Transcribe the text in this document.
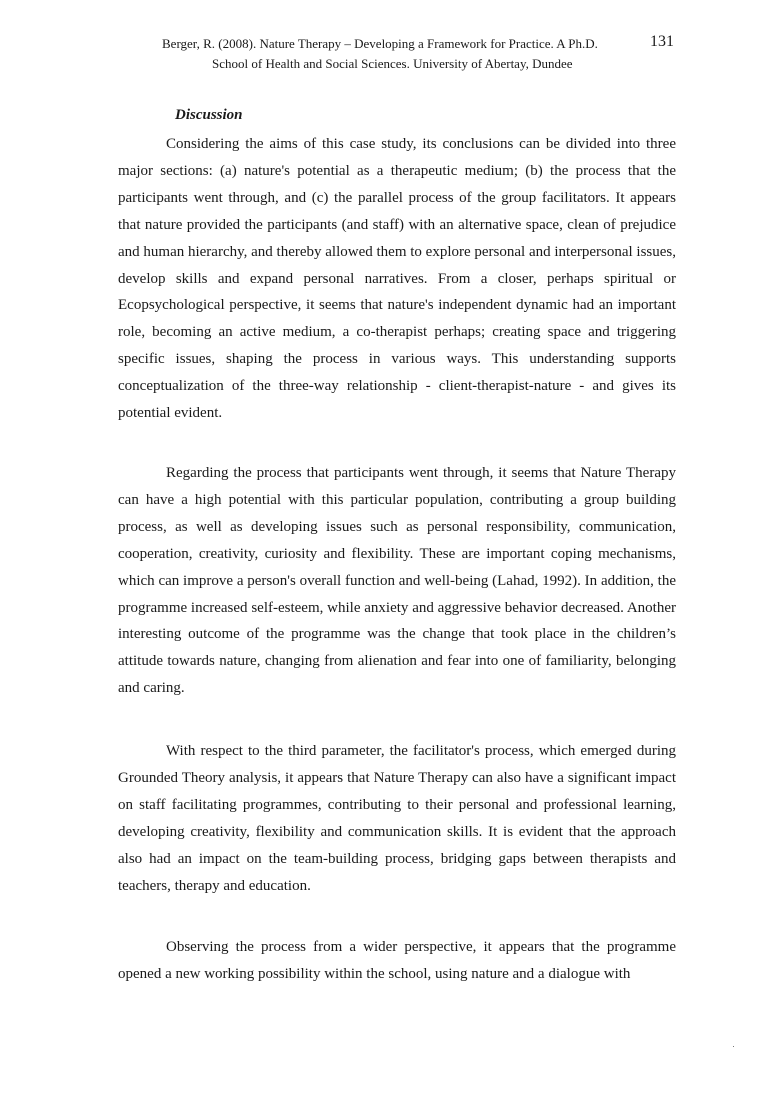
Berger, R. (2008). Nature Therapy – Developing a Framework for Practice. A Ph.D.	131
School of Health and Social Sciences. University of Abertay, Dundee
Discussion

Considering the aims of this case study, its conclusions can be divided into three major sections: (a) nature's potential as a therapeutic medium; (b) the process that the participants went through, and (c) the parallel process of the group facilitators. It appears that nature provided the participants (and staff) with an alternative space, clean of prejudice and human hierarchy, and thereby allowed them to explore personal and interpersonal issues, develop skills and expand personal narratives. From a closer, perhaps spiritual or Ecopsychological perspective, it seems that nature's independent dynamic had an important role, becoming an active medium, a co-therapist perhaps; creating space and triggering specific issues, shaping the process in various ways. This understanding supports conceptualization of the three-way relationship - client-therapist-nature - and gives its potential evident.

Regarding the process that participants went through, it seems that Nature Therapy can have a high potential with this particular population, contributing a group building process, as well as developing issues such as personal responsibility, communication, cooperation, creativity, curiosity and flexibility. These are important coping mechanisms, which can improve a person's overall function and well-being (Lahad, 1992). In addition, the programme increased self-esteem, while anxiety and aggressive behavior decreased. Another interesting outcome of the programme was the change that took place in the children’s attitude towards nature, changing from alienation and fear into one of familiarity, belonging and caring.

With respect to the third parameter, the facilitator's process, which emerged during Grounded Theory analysis, it appears that Nature Therapy can also have a significant impact on staff facilitating programmes, contributing to their personal and professional learning, developing creativity, flexibility and communication skills. It is evident that the approach also had an impact on the team-building process, bridging gaps between therapists and teachers, therapy and education.

Observing the process from a wider perspective, it appears that the programme opened a new working possibility within the school, using nature and a dialogue with
